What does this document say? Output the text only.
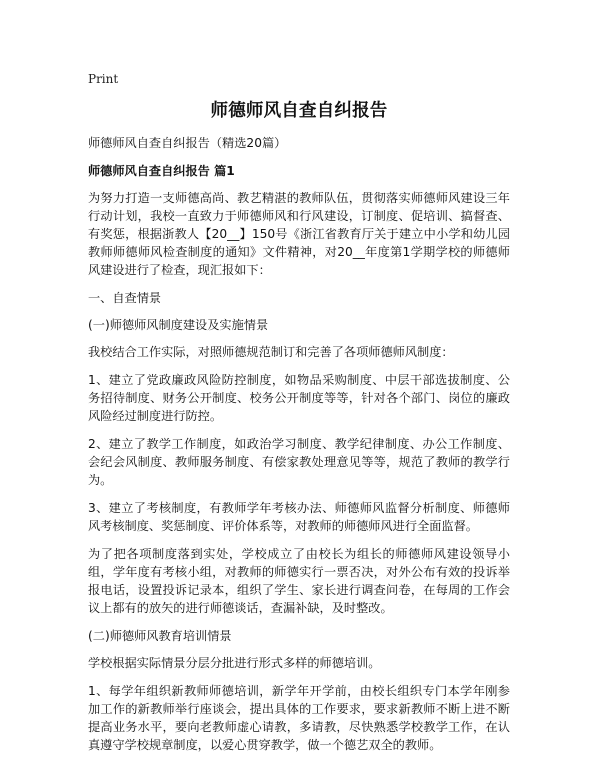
Print
师德师风自查自纠报告

师德师风自查自纠报告（精选20篇）

师德师风自查自纠报告 篇1

为努力打造一支师德高尚、教艺精湛的教师队伍，贯彻落实师德师风建设三年行动计划，我校一直致力于师德师风和行风建设，订制度、促培训、搞督查、有奖惩，根据浙教人【20__】150号《浙江省教育厅关于建立中小学和幼儿园教师师德师风检查制度的通知》文件精神，对20__年度第1学期学校的师德师风建设进行了检查，现汇报如下：

一、自查情景

(一)师德师风制度建设及实施情景

我校结合工作实际，对照师德规范制订和完善了各项师德师风制度：

1、建立了党政廉政风险防控制度，如物品采购制度、中层干部选拔制度、公务招待制度、财务公开制度、校务公开制度等等，针对各个部门、岗位的廉政风险经过制度进行防控。

2、建立了教学工作制度，如政治学习制度、教学纪律制度、办公工作制度、会纪会风制度、教师服务制度、有偿家教处理意见等等，规范了教师的教学行为。

3、建立了考核制度，有教师学年考核办法、师德师风监督分析制度、师德师风考核制度、奖惩制度、评价体系等，对教师的师德师风进行全面监督。

为了把各项制度落到实处，学校成立了由校长为组长的师德师风建设领导小组，学年度有考核小组，对教师的师德实行一票否决，对外公布有效的投诉举报电话，设置投诉记录本，组织了学生、家长进行调查问卷，在每周的工作会议上都有的放矢的进行师德谈话，查漏补缺，及时整改。

(二)师德师风教育培训情景

学校根据实际情景分层分批进行形式多样的师德培训。

1、每学年组织新教师师德培训，新学年开学前，由校长组织专门本学年刚参加工作的新教师举行座谈会，提出具体的工作要求，要求新教师不断上进不断提高业务水平，要向老教师虚心请教，多请教，尽快熟悉学校教学工作，在认真遵守学校规章制度，以爱心贯穿教学，做一个德艺双全的教师。
